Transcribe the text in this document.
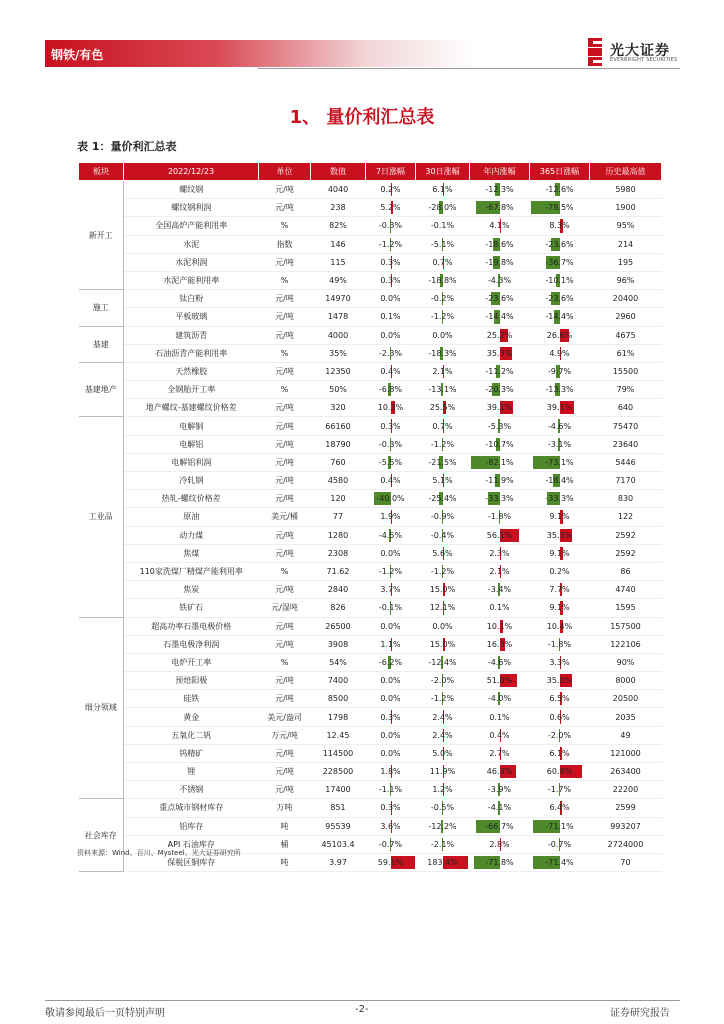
钢铁/有色	光大证券
EVERBRIGHT SECURITIES
1、 量价利汇总表
表 1：量价利汇总表
板块	2022/12/23	单位	数值	7日涨幅	30日涨幅	年内涨幅	365日涨幅	历史最高值
新开工	螺纹钢	元/吨	4040	0.2%	6.1%	-12.3%	-12.6%	5980
	螺纹钢利润	元/吨	238	5.2%	-28.0%	-67.8%	-78.5%	1900
	全国高炉产能利用率	%	82%	-0.3%	-0.1%	4.1%	8.3%	95%
	水泥	指数	146	-1.2%	-5.1%	-18.6%	-23.6%	214
	水泥利润	元/吨	115	0.3%	0.7%	-19.8%	-36.7%	195
	水泥产能利用率	%	49%	0.3%	-18.8%	-4.3%	-10.1%	96%
施工	钛白粉	元/吨	14970	0.0%	-0.2%	-23.6%	-23.6%	20400
	平板玻璃	元/吨	1478	0.1%	-1.2%	-14.4%	-14.4%	2960
基建	建筑沥青	元/吨	4000	0.0%	0.0%	25.2%	26.6%	4675
	石油沥青产能利用率	%	35%	-2.3%	-18.3%	35.3%	4.9%	61%
基建地产	天然橡胶	元/吨	12350	0.4%	2.1%	-11.2%	-9.7%	15500
	全钢胎开工率	%	50%	-6.8%	-13.1%	-20.3%	-13.3%	79%
	地产螺纹-基建螺纹价格差	元/吨	320	10.3%	25.5%	39.1%	39.1%	640
工业品	电解铜	元/吨	66160	0.3%	0.7%	-5.3%	-4.6%	75470
	电解铝	元/吨	18790	-0.3%	-1.2%	-10.7%	-3.1%	23640
	电解铝利润	元/吨	760	-5.5%	-21.5%	-82.1%	-73.1%	5446
	冷轧钢	元/吨	4580	0.4%	5.1%	-11.9%	-18.4%	7170
	热轧-螺纹价格差	元/吨	120	-40.0%	-25.4%	-33.3%	-33.3%	830
	原油	美元/桶	77	1.9%	-0.9%	-1.8%	9.1%	122
	动力煤	元/吨	1280	-4.5%	-0.4%	56.1%	35.3%	2592
	焦煤	元/吨	2308	0.0%	5.6%	2.3%	9.1%	2592
	110家洗煤厂精煤产能利用率	%	71.62	-1.2%	-1.2%	2.1%	0.2%	86
	焦炭	元/吨	2840	3.7%	15.0%	-3.4%	7.7%	4740
	铁矿石	元/湿吨	826	-0.1%	12.1%	0.1%	9.1%	1595
细分领域	超高功率石墨电极价格	元/吨	26500	0.0%	0.0%	10.1%	10.4%	157500
	石墨电极净利润	元/吨	3908	1.1%	15.0%	16.3%	-1.8%	122106
	电炉开工率	%	54%	-6.2%	-12.4%	-4.6%	3.3%	90%
	预焙阳极	元/吨	7400	0.0%	-2.0%	51.0%	35.0%	8000
	硅铁	元/吨	8500	0.0%	-1.2%	-4.0%	6.5%	20500
	黄金	美元/盎司	1798	0.3%	2.4%	0.1%	0.6%	2035
	五氧化二钒	万元/吨	12.45	0.0%	2.4%	0.4%	-2.0%	49
	钨精矿	元/吨	114500	0.0%	5.0%	2.7%	6.1%	121000
	锂	元/吨	228500	1.8%	11.9%	46.3%	60.8%	263400
	不锈钢	元/吨	17400	-1.1%	1.2%	-3.9%	-1.7%	22200
社会库存	重点城市钢材库存	万吨	851	0.3%	-0.5%	-4.1%	6.4%	2599
	铝库存	吨	95539	3.6%	-12.2%	-66.7%	-71.1%	993207
	API 石油库存	桶	45103.4	-0.7%	-2.1%	2.8%	-0.7%	2724000
	保税区铜库存	吨	3.97	59.1%	183.4%	-71.8%	-71.4%	70
资料来源：Wind、百川、Mysteel、光大证券研究所
敬请参阅最后一页特别声明	-2-	证券研究报告
